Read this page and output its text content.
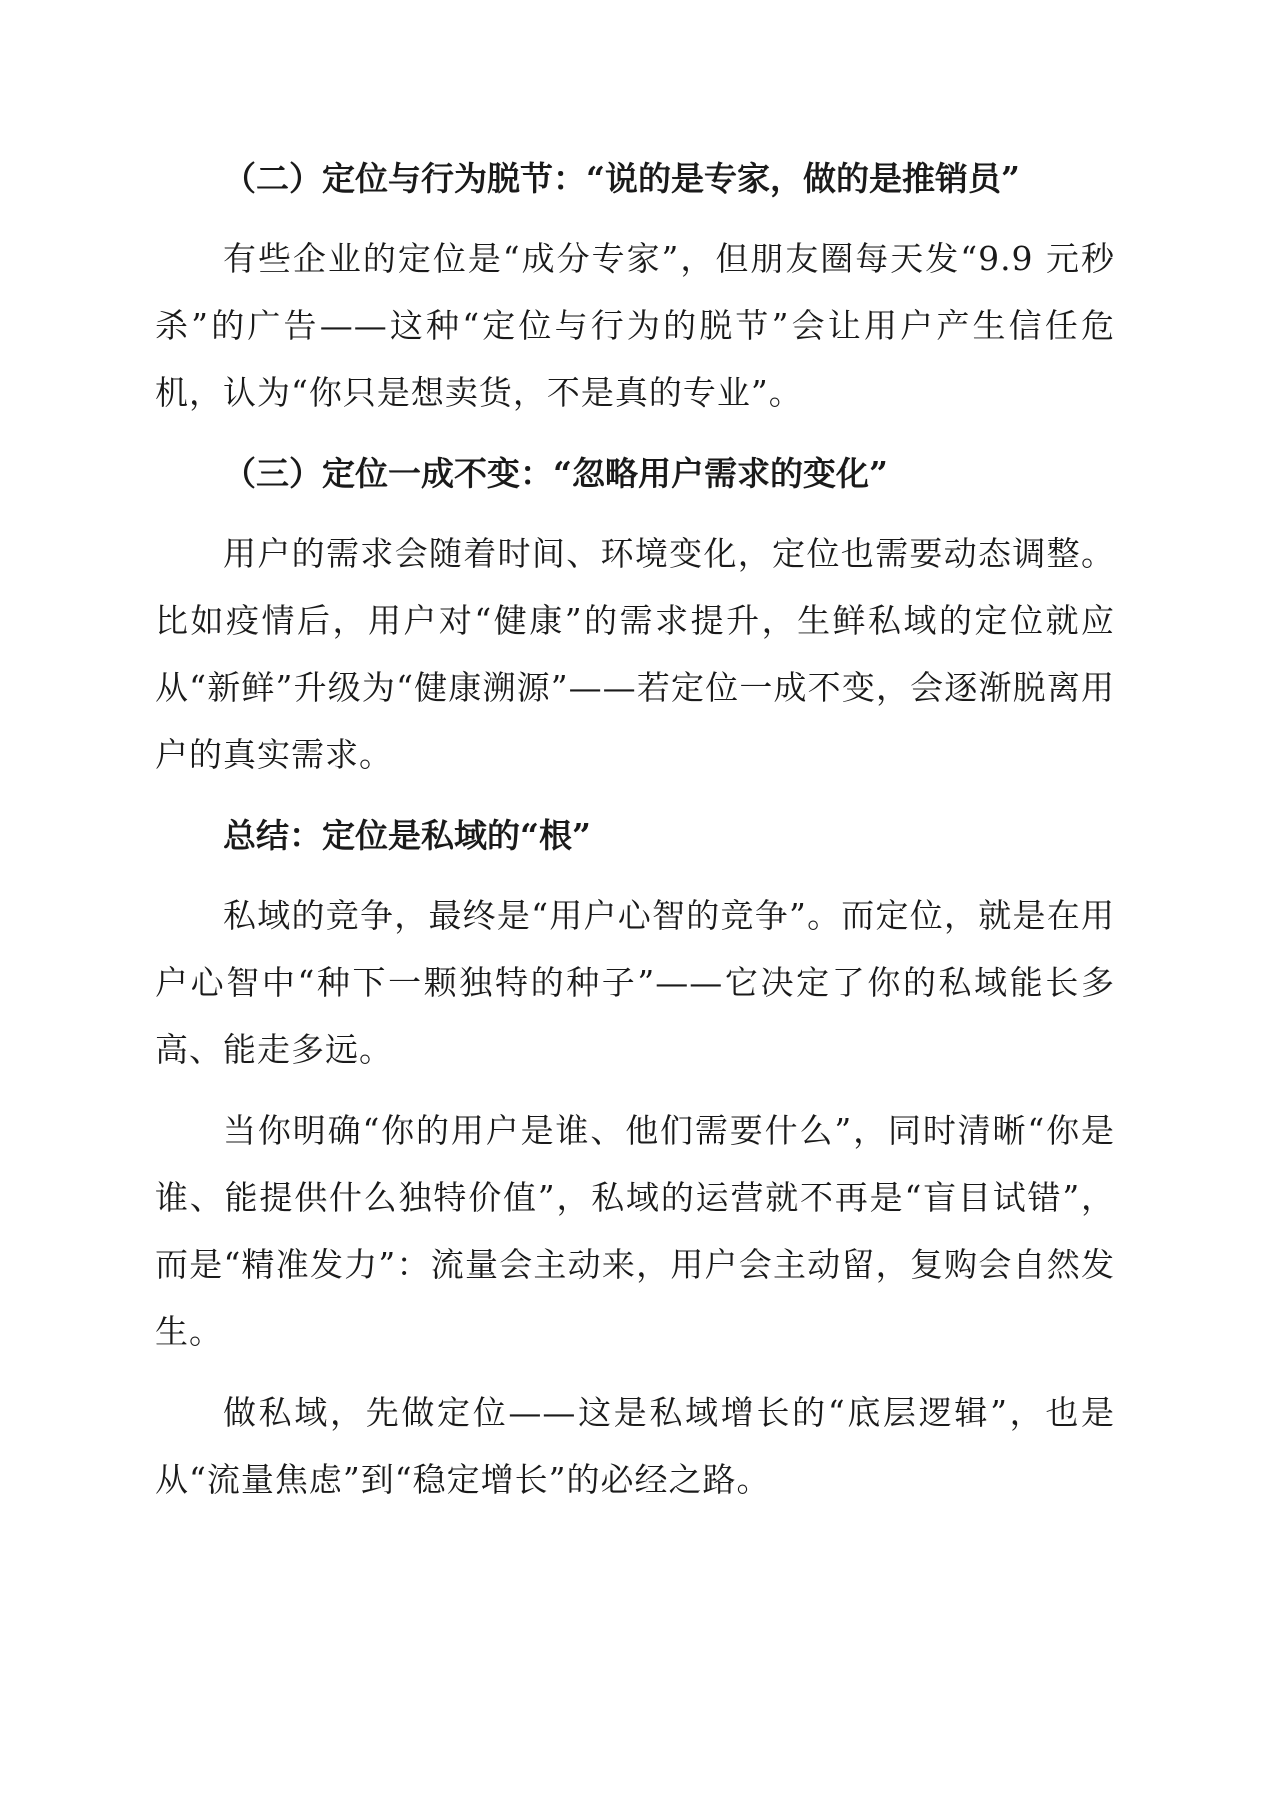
（二）定位与行为脱节：“说的是专家，做的是推销员”

有些企业的定位是“成分专家”，但朋友圈每天发“9.9 元秒杀”的广告——这种“定位与行为的脱节”会让用户产生信任危机，认为“你只是想卖货，不是真的专业”。

（三）定位一成不变：“忽略用户需求的变化”

用户的需求会随着时间、环境变化，定位也需要动态调整。比如疫情后，用户对“健康”的需求提升，生鲜私域的定位就应从“新鲜”升级为“健康溯源”——若定位一成不变，会逐渐脱离用户的真实需求。

总结：定位是私域的“根”

私域的竞争，最终是“用户心智的竞争”。而定位，就是在用户心智中“种下一颗独特的种子”——它决定了你的私域能长多高、能走多远。

当你明确“你的用户是谁、他们需要什么”，同时清晰“你是谁、能提供什么独特价值”，私域的运营就不再是“盲目试错”，而是“精准发力”：流量会主动来，用户会主动留，复购会自然发生。

做私域，先做定位——这是私域增长的“底层逻辑”，也是从“流量焦虑”到“稳定增长”的必经之路。
